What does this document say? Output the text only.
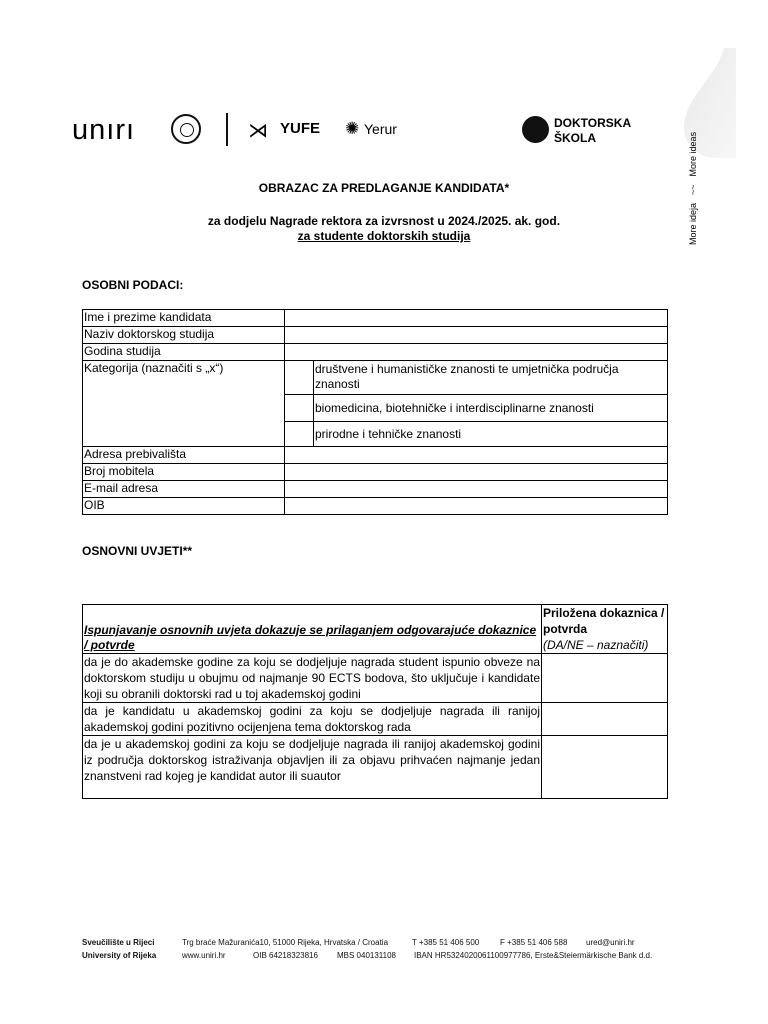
unırı	⋊ YUFE ✺ Yerur	DOKTORSKA
ŠKOLA
More ideja~~More ideas
OBRAZAC ZA PREDLAGANJE KANDIDATA*
za dodjelu Nagrade rektora za izvrsnost u 2024./2025. ak. god.
za studente doktorskih studija
OSOBNI PODACI:
Ime i prezime kandidata		
Naziv doktorskog studija		
Godina studija		
Kategorija (naznačiti s „x“)		društvene i humanističke znanosti te umjetnička područja znanosti
		biomedicina, biotehničke i interdisciplinarne znanosti
		prirodne i tehničke znanosti
Adresa prebivališta		
Broj mobitela		
E-mail adresa		
OIB		
OSNOVNI UVJETI**
Ispunjavanje osnovnih uvjeta dokazuje se prilaganjem odgovarajuće dokaznice / potvrde	Priložena dokaznica / potvrda
(DA/NE – naznačiti)

da je do akademske godine za koju se dodjeljuje nagrada student ispunio obveze na doktorskom studiju u obujmu od najmanje 90 ECTS bodova, što uključuje i kandidate koji su obranili doktorski rad u toj akademskoj godini	
da je kandidatu u akademskoj godini za koju se dodjeljuje nagrada ili ranijoj akademskoj godini pozitivno ocijenjena tema doktorskog rada	
da je u akademskoj godini za koju se dodjeljuje nagrada ili ranijoj akademskoj godini iz područja doktorskog istraživanja objavljen ili za objavu prihvaćen najmanje jedan znanstveni rad kojeg je kandidat autor ili suautor	
Sveučilište u Rijeci
University of Rijeka
Trg braće Mažuranića10, 51000 Rijeka, Hrvatska / Croatia
www.uniri.hr	OIB 64218323816 MBS 040131108
T +385 51 406 500
IBAN HR5324020061100977786, Erste&Steiermärkische Bank d.d.
F +385 51 406 588 ured@uniri.hr
